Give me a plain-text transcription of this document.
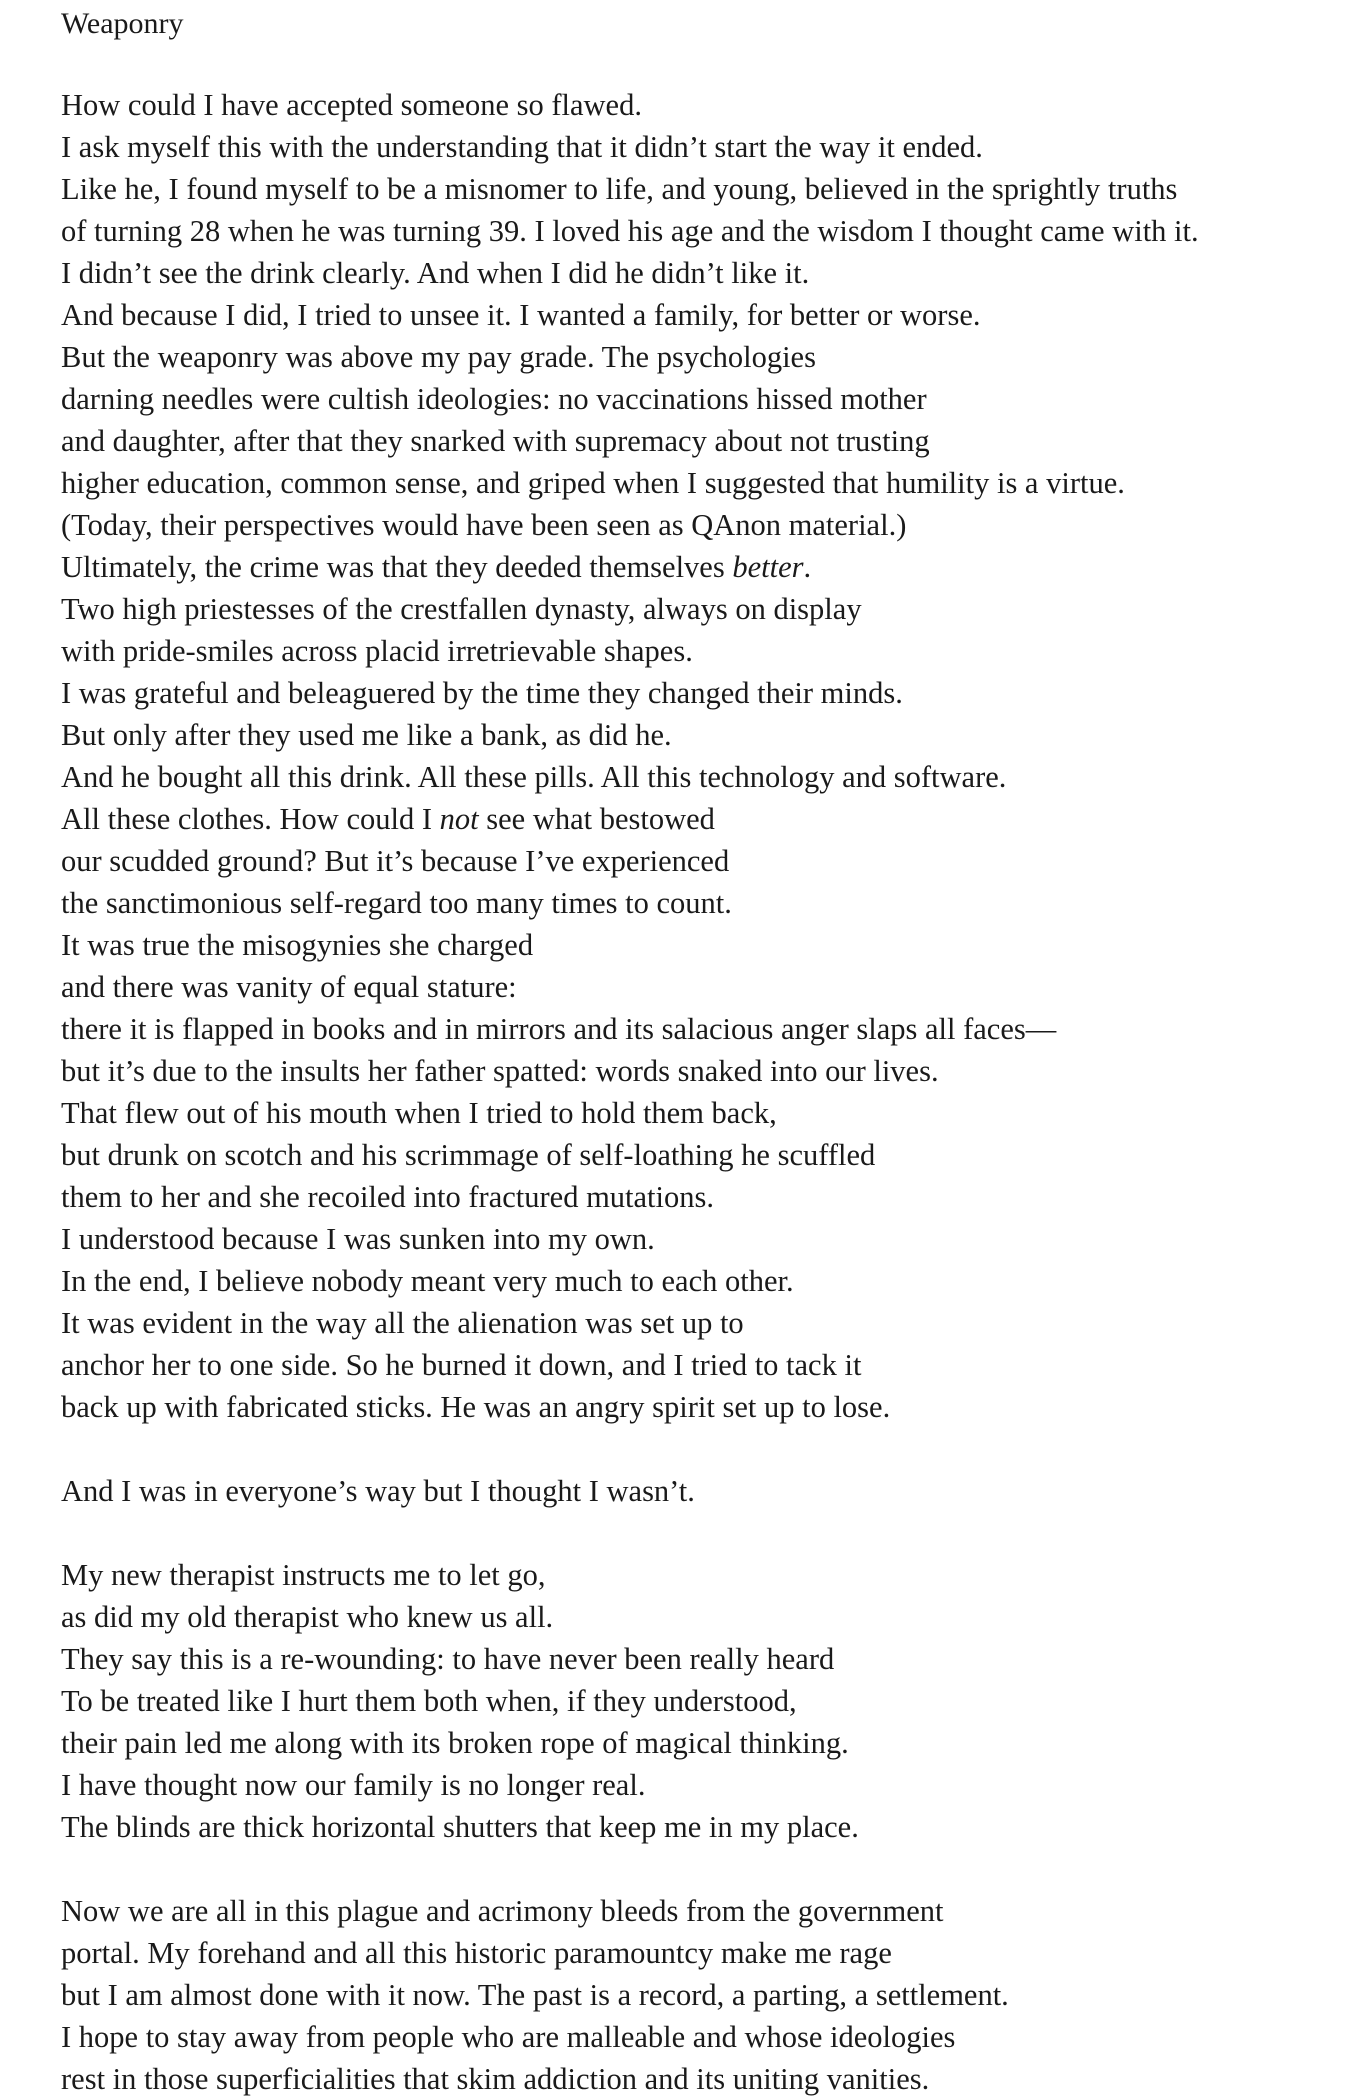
Weaponry
How could I have accepted someone so flawed.
I ask myself this with the understanding that it didn’t start the way it ended.
Like he, I found myself to be a misnomer to life, and young, believed in the sprightly truths
of turning 28 when he was turning 39. I loved his age and the wisdom I thought came with it.
I didn’t see the drink clearly. And when I did he didn’t like it.
And because I did, I tried to unsee it. I wanted a family, for better or worse.
But the weaponry was above my pay grade. The psychologies
darning needles were cultish ideologies: no vaccinations hissed mother
and daughter, after that they snarked with supremacy about not trusting
higher education, common sense, and griped when I suggested that humility is a virtue.
(Today, their perspectives would have been seen as QAnon material.)
Ultimately, the crime was that they deeded themselves better.
Two high priestesses of the crestfallen dynasty, always on display
with pride-smiles across placid irretrievable shapes.
I was grateful and beleaguered by the time they changed their minds.
But only after they used me like a bank, as did he.
And he bought all this drink. All these pills. All this technology and software.
All these clothes. How could I not see what bestowed
our scudded ground? But it’s because I’ve experienced
the sanctimonious self-regard too many times to count.
It was true the misogynies she charged
and there was vanity of equal stature:
there it is flapped in books and in mirrors and its salacious anger slaps all faces—
but it’s due to the insults her father spatted: words snaked into our lives.
That flew out of his mouth when I tried to hold them back,
but drunk on scotch and his scrimmage of self-loathing he scuffled
them to her and she recoiled into fractured mutations.
I understood because I was sunken into my own.
In the end, I believe nobody meant very much to each other.
It was evident in the way all the alienation was set up to
anchor her to one side. So he burned it down, and I tried to tack it
back up with fabricated sticks. He was an angry spirit set up to lose.
And I was in everyone’s way but I thought I wasn’t.
My new therapist instructs me to let go,
as did my old therapist who knew us all.
They say this is a re-wounding: to have never been really heard
To be treated like I hurt them both when, if they understood,
their pain led me along with its broken rope of magical thinking.
I have thought now our family is no longer real.
The blinds are thick horizontal shutters that keep me in my place.
Now we are all in this plague and acrimony bleeds from the government
portal. My forehand and all this historic paramountcy make me rage
but I am almost done with it now. The past is a record, a parting, a settlement.
I hope to stay away from people who are malleable and whose ideologies
rest in those superficialities that skim addiction and its uniting vanities.
